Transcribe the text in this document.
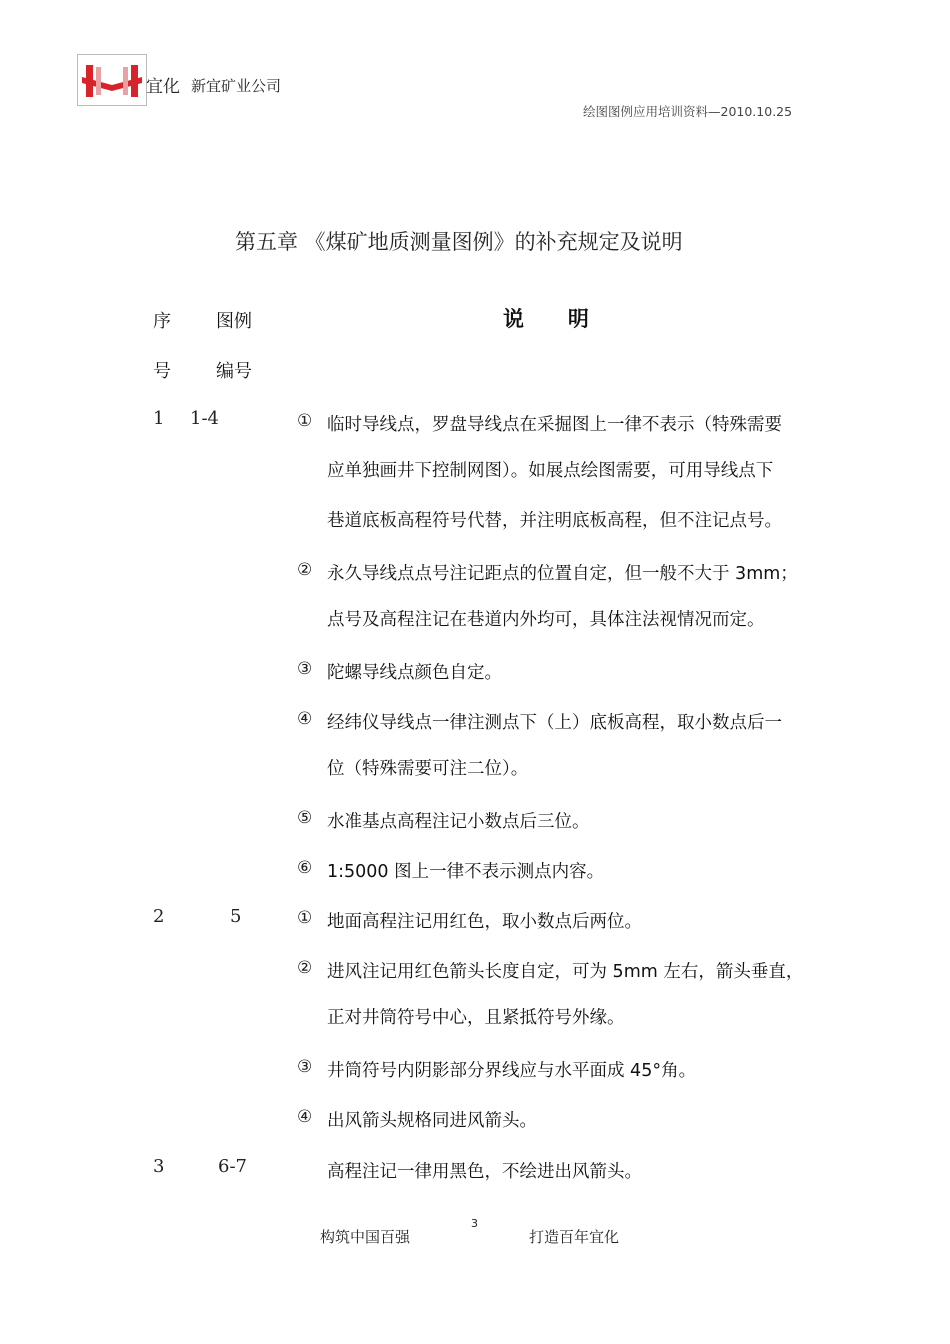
宜化 新宜矿业公司
绘图图例应用培训资料—2010.10.25
第五章 《煤矿地质测量图例》的补充规定及说明
序
号
图例
编号
说      明
1 1-4	① 临时导线点，罗盘导线点在采掘图上一律不表示（特殊需要
应单独画井下控制网图）。如展点绘图需要，可用导线点下
巷道底板高程符号代替，并注明底板高程，但不注记点号。
② 永久导线点点号注记距点的位置自定，但一般不大于 3mm；
点号及高程注记在巷道内外均可，具体注法视情况而定。
③ 陀螺导线点颜色自定。
④ 经纬仪导线点一律注测点下（上）底板高程，取小数点后一
位（特殊需要可注二位）。
⑤ 水准基点高程注记小数点后三位。
⑥ 1:5000 图上一律不表示测点内容。
2	5	① 地面高程注记用红色，取小数点后两位。
② 进风注记用红色箭头长度自定，可为 5mm 左右，箭头垂直，
正对井筒符号中心，且紧抵符号外缘。
③ 井筒符号内阴影部分界线应与水平面成 45°角。
④ 出风箭头规格同进风箭头。
3	6-7	高程注记一律用黑色，不绘进出风箭头。
构筑中国百强
3
打造百年宜化
